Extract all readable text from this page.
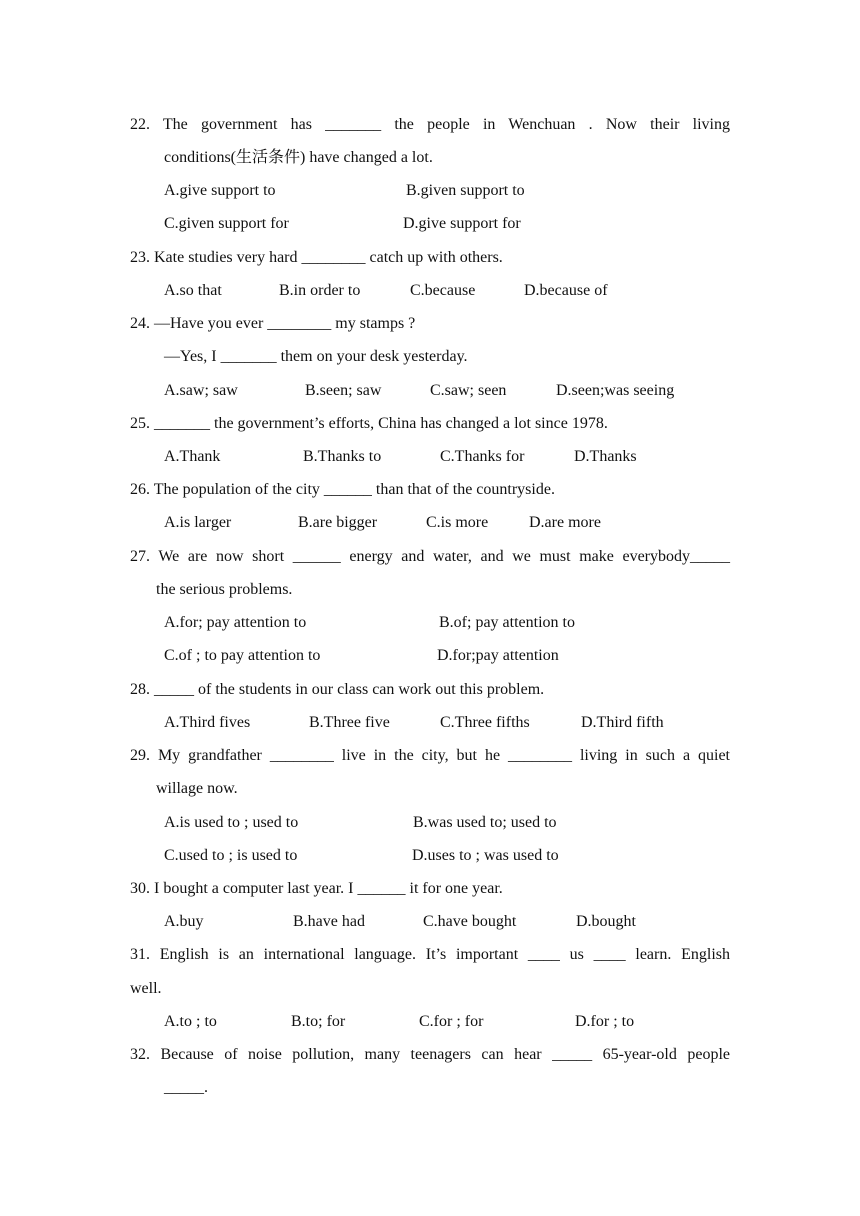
22. The government has _______ the people in Wenchuan . Now their living
conditions(生活条件) have changed a lot.
A.give support to	B.given support to
C.given support for	D.give support for
23. Kate studies very hard ________ catch up with others.
A.so that	B.in order to	C.because	D.because of
24. —Have you ever ________ my stamps ?
—Yes, I _______ them on your desk yesterday.
A.saw; saw	B.seen; saw	C.saw; seen	D.seen;was seeing
25. _______ the government’s efforts, China has changed a lot since 1978.
A.Thank	B.Thanks to	C.Thanks for	D.Thanks
26. The population of the city ______ than that of the countryside.
A.is larger	B.are bigger	C.is more	D.are more
27. We are now short ______ energy and water, and we must make everybody_____
the serious problems.
A.for; pay attention to	B.of; pay attention to
C.of ; to pay attention to	D.for;pay attention
28. _____ of the students in our class can work out this problem.
A.Third fives	B.Three five	C.Three fifths	D.Third fifth
29. My grandfather ________ live in the city, but he ________ living in such a quiet
willage now.
A.is used to ; used to	B.was used to; used to
C.used to ; is used to	D.uses to ; was used to
30. I bought a computer last year. I ______ it for one year.
A.buy	B.have had	C.have bought	D.bought
31. English is an international language. It’s important ____ us ____ learn. English
well.
A.to ; to	B.to; for	C.for ; for	D.for ; to
32. Because of noise pollution, many teenagers can hear _____ 65-year-old people
_____.
